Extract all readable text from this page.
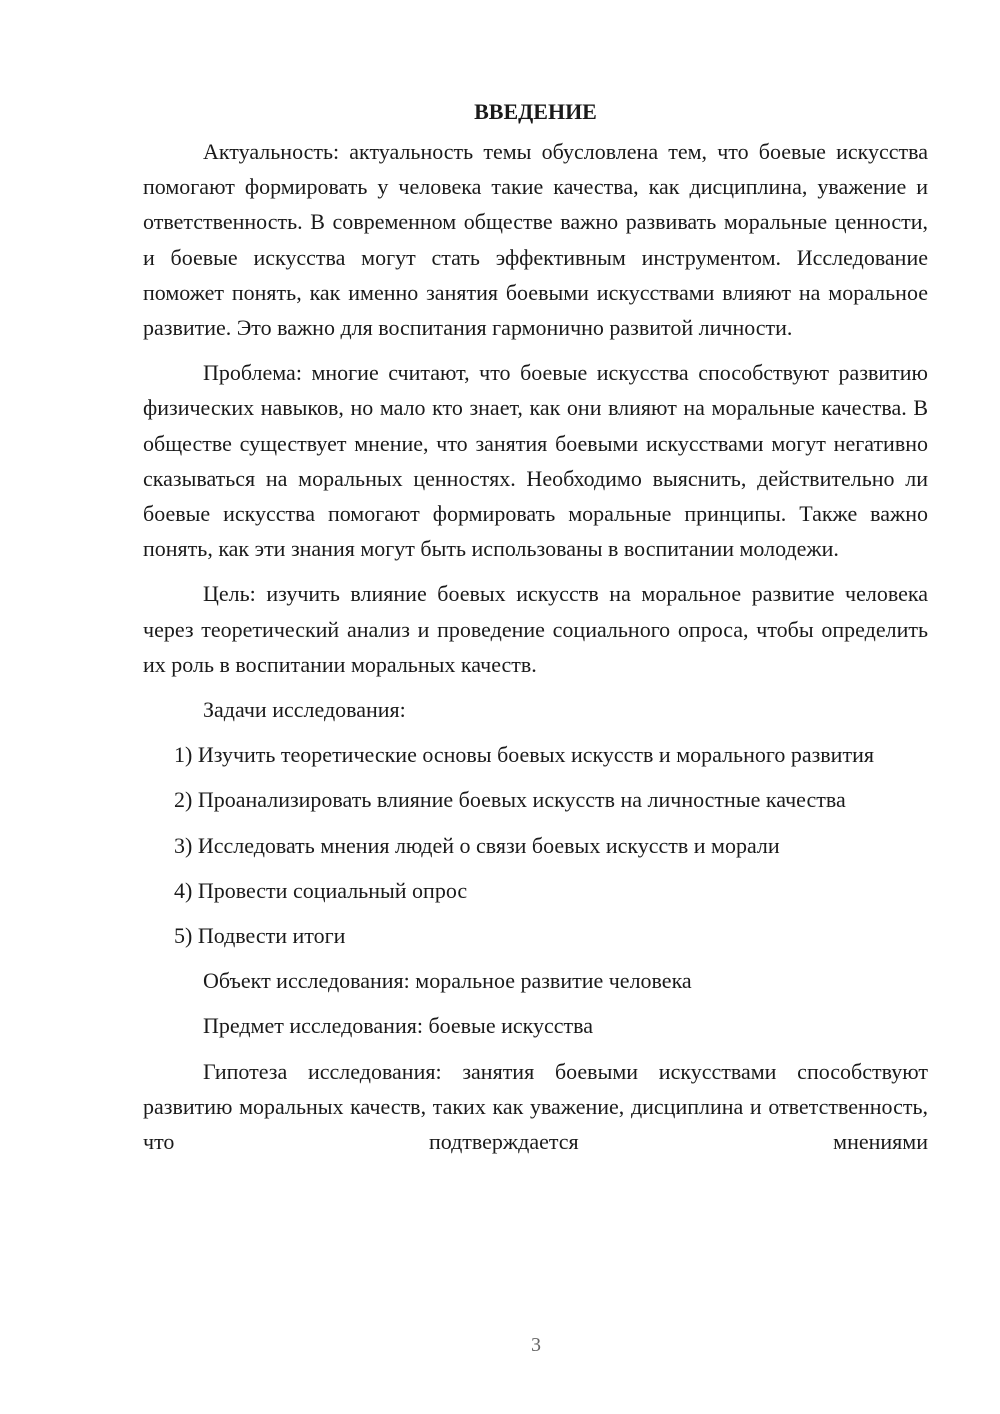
ВВЕДЕНИЕ

Актуальность: актуальность темы обусловлена тем, что боевые искусства помогают формировать у человека такие качества, как дисциплина, уважение и ответственность. В современном обществе важно развивать моральные ценности, и боевые искусства могут стать эффективным инструментом. Исследование поможет понять, как именно занятия боевыми искусствами влияют на моральное развитие. Это важно для воспитания гармонично развитой личности.

Проблема: многие считают, что боевые искусства способствуют развитию физических навыков, но мало кто знает, как они влияют на моральные качества. В обществе существует мнение, что занятия боевыми искусствами могут негативно сказываться на моральных ценностях. Необходимо выяснить, действительно ли боевые искусства помогают формировать моральные принципы. Также важно понять, как эти знания могут быть использованы в воспитании молодежи.

Цель: изучить влияние боевых искусств на моральное развитие человека через теоретический анализ и проведение социального опроса, чтобы определить их роль в воспитании моральных качеств.

Задачи исследования:

1) Изучить теоретические основы боевых искусств и морального развития

2) Проанализировать влияние боевых искусств на личностные качества

3) Исследовать мнения людей о связи боевых искусств и морали

4) Провести социальный опрос

5) Подвести итоги

Объект исследования: моральное развитие человека

Предмет исследования: боевые искусства

Гипотеза исследования: занятия боевыми искусствами способствуют развитию моральных качеств, таких как уважение, дисциплина и ответственность, что подтверждается мнениями

3
